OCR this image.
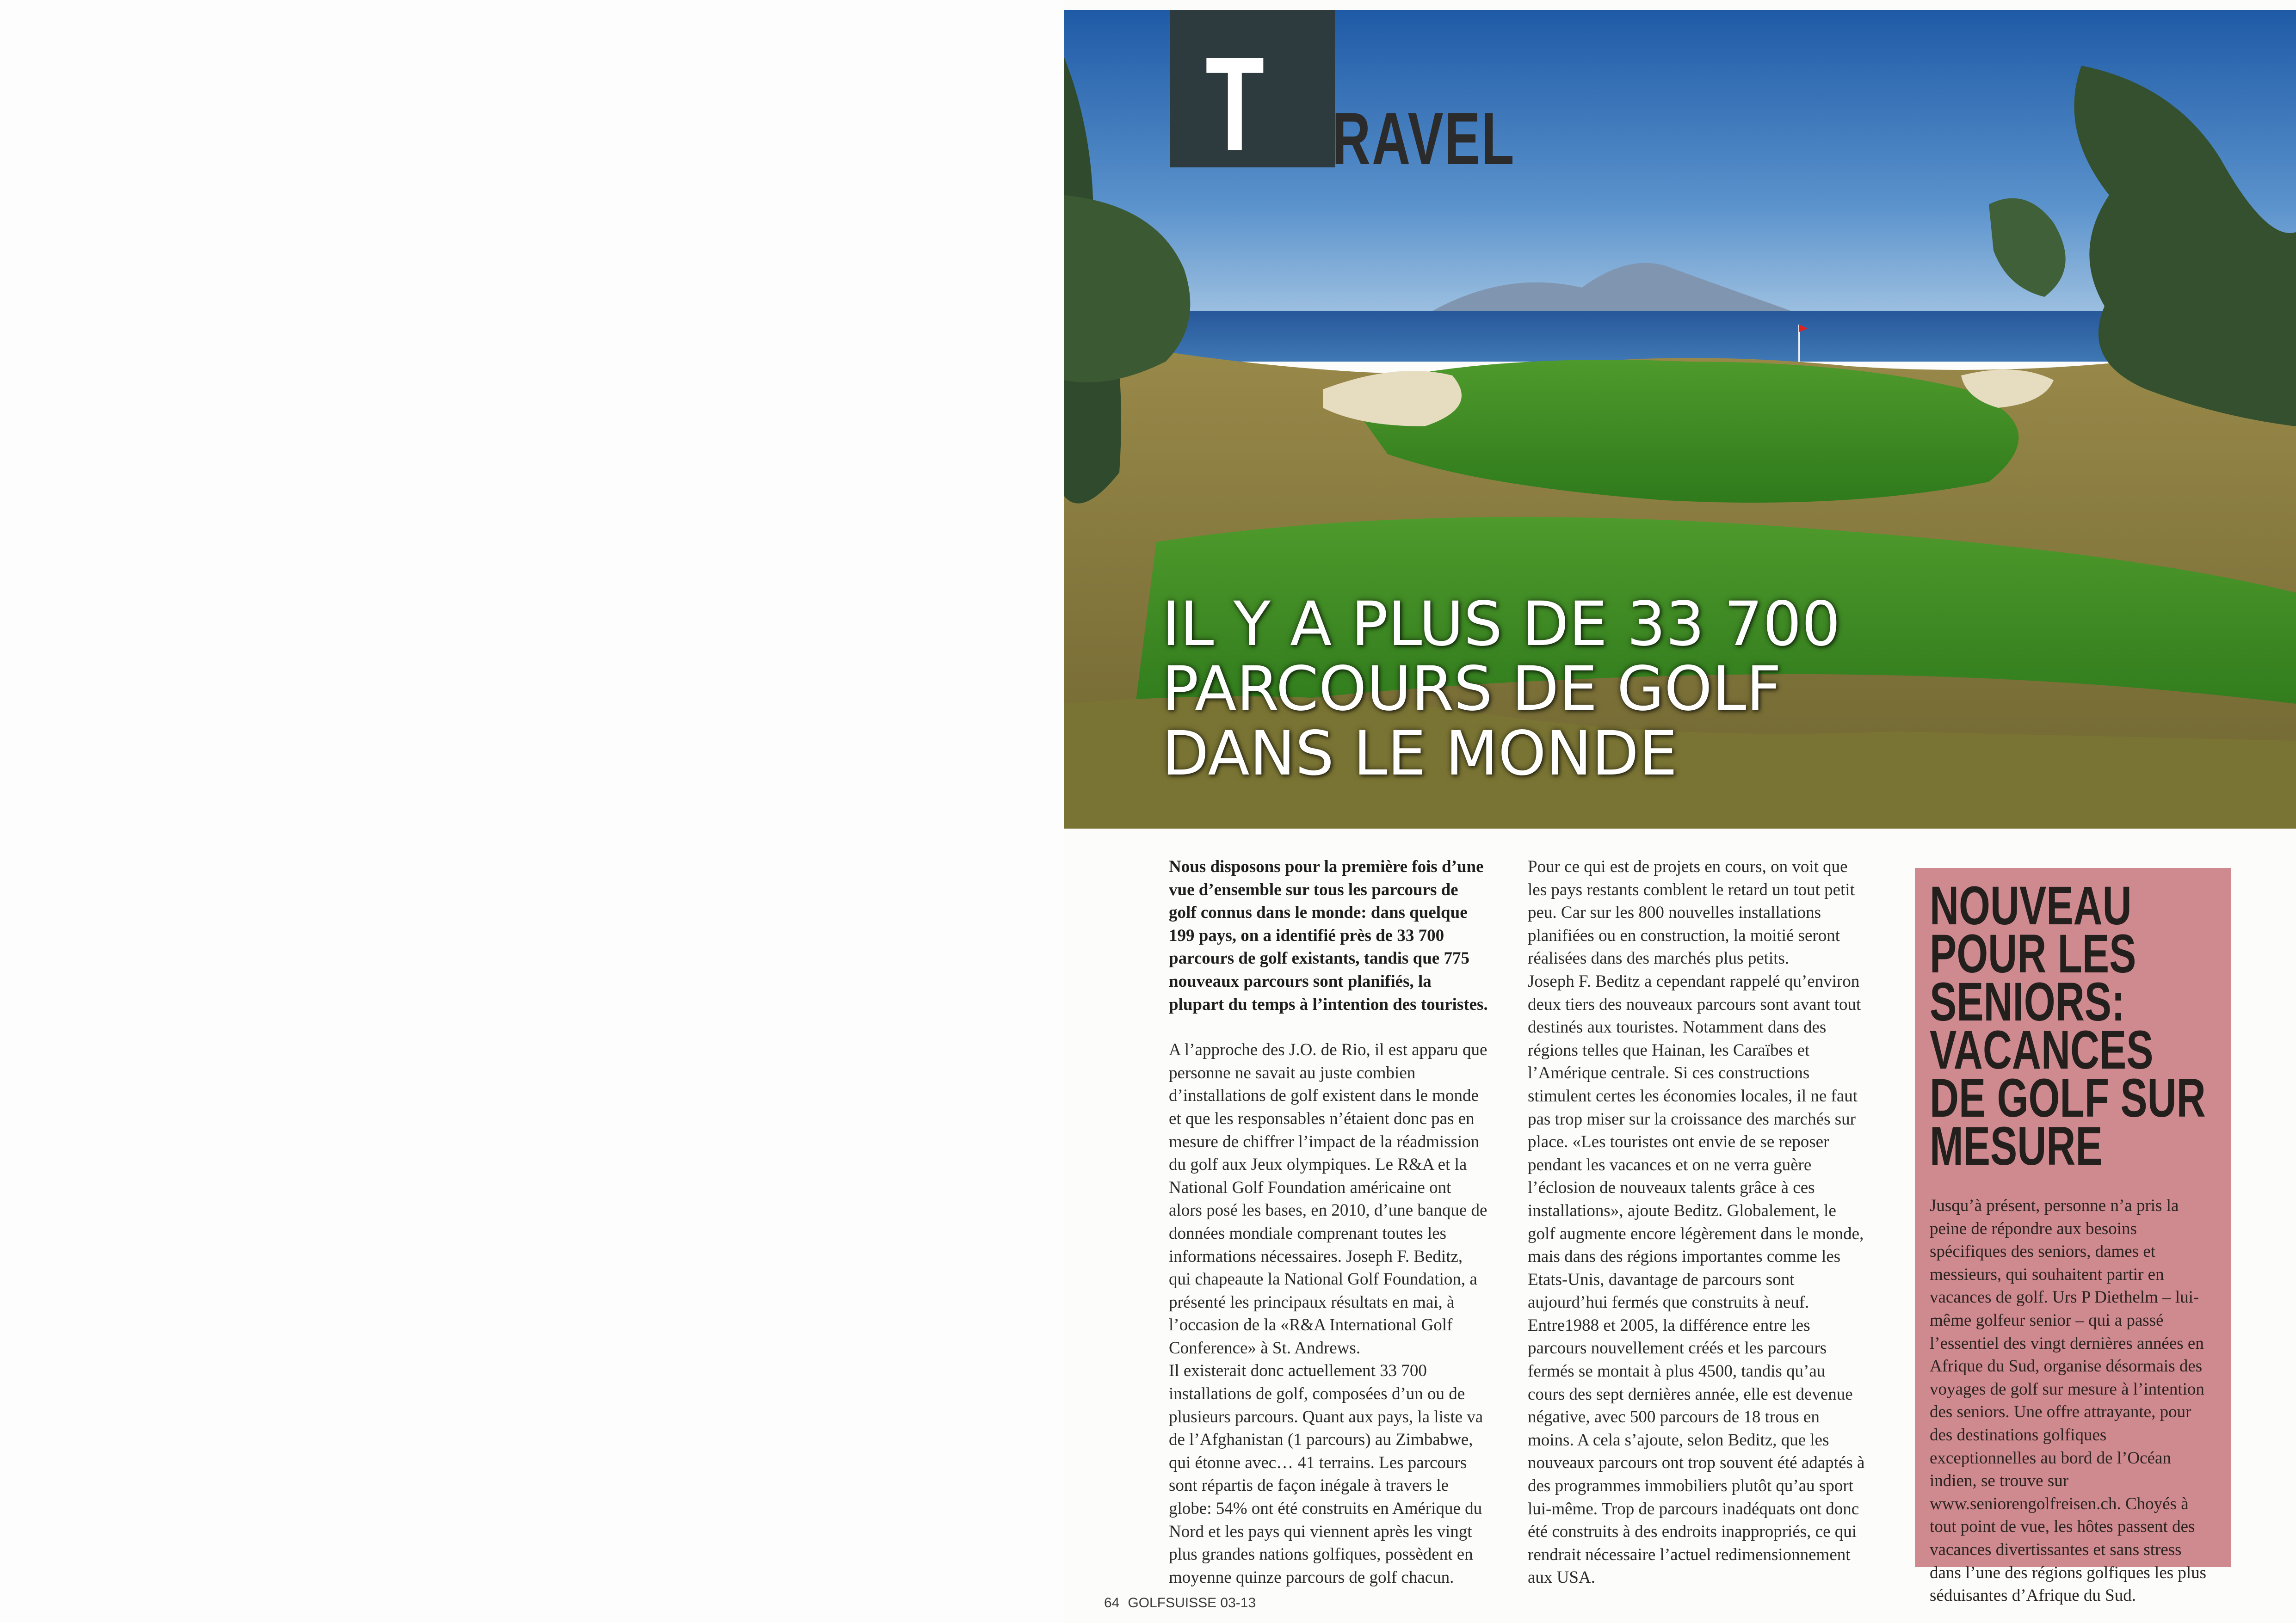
T RAVEL
IL Y A PLUS DE 33 700
PARCOURS DE GOLF
DANS LE MONDE

Nous disposons pour la première fois d’une vue d’ensemble sur tous les parcours de golf connus dans le monde: dans quelque 199 pays, on a identifié près de 33 700 parcours de golf existants, tandis que 775 nouveaux parcours sont planifiés, la plupart du temps à l’intention des touristes.

A l’approche des J.O. de Rio, il est apparu que personne ne savait au juste combien d’installations de golf existent dans le monde et que les responsables n’étaient donc pas en mesure de chiffrer l’impact de la réadmission du golf aux Jeux olympiques. Le R&A et la National Golf Foundation américaine ont alors posé les bases, en 2010, d’une banque de données mondiale comprenant toutes les informations nécessaires. Joseph F. Beditz, qui chapeaute la National Golf Foundation, a présenté les principaux résultats en mai, à l’occasion de la «R&A International Golf Conference» à St. Andrews.

Il existerait donc actuellement 33 700 installations de golf, composées d’un ou de plusieurs parcours. Quant aux pays, la liste va de l’Afghanistan (1 parcours) au Zimbabwe, qui étonne avec… 41 terrains. Les parcours sont répartis de façon inégale à travers le globe: 54% ont été construits en Amérique du Nord et les pays qui viennent après les vingt plus grandes nations golfiques, possèdent en moyenne quinze parcours de golf chacun.

Pour ce qui est de projets en cours, on voit que les pays restants comblent le retard un tout petit peu. Car sur les 800 nouvelles installations planifiées ou en construction, la moitié seront réalisées dans des marchés plus petits.

Joseph F. Beditz a cependant rappelé qu’environ deux tiers des nouveaux parcours sont avant tout destinés aux touristes. Notamment dans des régions telles que Hainan, les Caraïbes et l’Amérique centrale. Si ces constructions stimulent certes les économies locales, il ne faut pas trop miser sur la croissance des marchés sur place. «Les touristes ont envie de se reposer pendant les vacances et on ne verra guère l’éclosion de nouveaux talents grâce à ces installations», ajoute Beditz. Globalement, le golf augmente encore légèrement dans le monde, mais dans des régions importantes comme les Etats-Unis, davantage de parcours sont aujourd’hui fermés que construits à neuf.

Entre1988 et 2005, la différence entre les parcours nouvellement créés et les parcours fermés se montait à plus 4500, tandis qu’au cours des sept dernières année, elle est devenue négative, avec 500 parcours de 18 trous en moins. A cela s’ajoute, selon Beditz, que les nouveaux parcours ont trop souvent été adaptés à des programmes immobiliers plutôt qu’au sport lui-même. Trop de parcours inadéquats ont donc été construits à des endroits inappropriés, ce qui rendrait nécessaire l’actuel redimensionnement aux USA.

NOUVEAU POUR LES SENIORS: VACANCES DE GOLF SUR MESURE
Jusqu’à présent, personne n’a pris la peine de répondre aux besoins spécifiques des seniors, dames et messieurs, qui souhaitent partir en vacances de golf. Urs P Diethelm – lui-même golfeur senior – qui a passé l’essentiel des vingt dernières années en Afrique du Sud, organise désormais des voyages de golf sur mesure à l’intention des seniors. Une offre attrayante, pour des destinations golfiques exceptionnelles au bord de l’Océan indien, se trouve sur www.seniorengolfreisen.ch. Choyés à tout point de vue, les hôtes passent des vacances divertissantes et sans stress dans l’une des régions golfiques les plus séduisantes d’Afrique du Sud.
64 GOLFSUISSE 03-13
